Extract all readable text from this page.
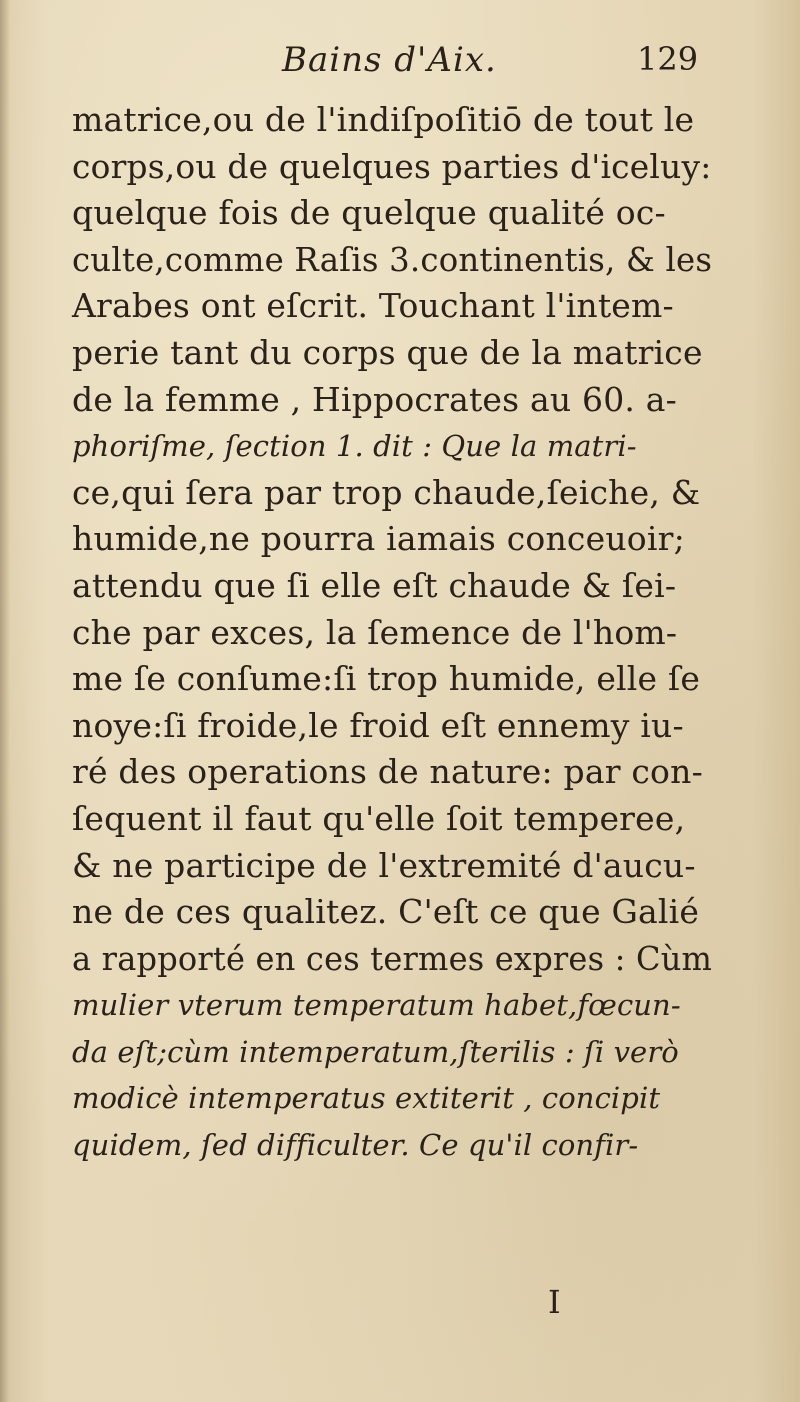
Bains d'Aix.	129
matrice,ou de l'indiſpoſitiō de tout le
corps,ou de quelques parties d'iceluy:
quelque fois de quelque qualité oc-
culte,comme Raſis 3.continentis, & les
Arabes ont eſcrit. Touchant l'intem-
perie tant du corps que de la matrice
de la femme , Hippocrates au 60. a-
phoriſme, ſection 1. dit : Que la matri-
ce,qui ſera par trop chaude,ſeiche, &
humide,ne pourra iamais conceuoir;
attendu que ſi elle eſt chaude & ſei-
che par exces, la ſemence de l'hom-
me ſe conſume:ſi trop humide, elle ſe
noye:ſi froide,le froid eſt ennemy iu-
ré des operations de nature: par con-
ſequent il faut qu'elle ſoit temperee,
& ne participe de l'extremité d'aucu-
ne de ces qualitez. C'eſt ce que Galié
a rapporté en ces termes expres : Cùm
mulier vterum temperatum habet,fœcun-
da eſt;cùm intemperatum,ſterilis : ſi verò
modicè intemperatus extiterit , concipit
quidem, ſed difficulter. Ce qu'il confir-
I
